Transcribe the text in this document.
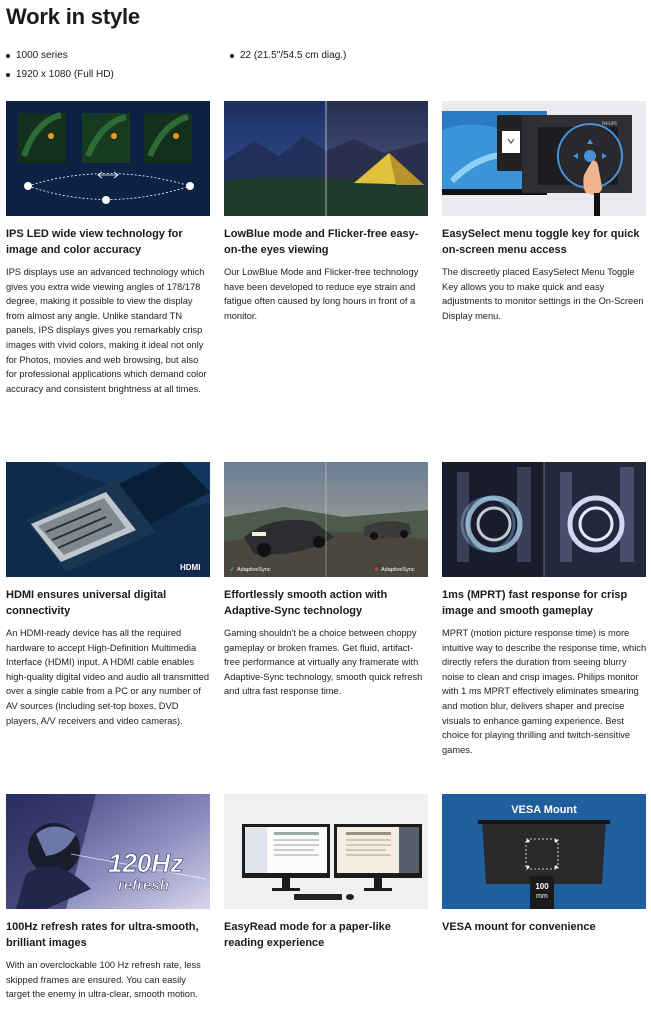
Work in style
1000 series	22 (21.5"/54.5 cm diag.)
1920 x 1080 (Full HD)
IPS LED wide view technology for image and color accuracy

IPS displays use an advanced technology which gives you extra wide viewing angles of 178/178 degree, making it possible to view the display from almost any angle. Unlike standard TN panels, IPS displays gives you remarkably crisp images with vivid colors, making it ideal not only for Photos, movies and web browsing, but also for professional applications which demand color accuracy and consistent brightness at all times.

LowBlue mode and Flicker-free easy-on-the eyes viewing

Our LowBlue Mode and Flicker-free technology have been developed to reduce eye strain and fatigue often caused by long hours in front of a monitor.

PHILIPS
EasySelect menu toggle key for quick on-screen menu access

The discreetly placed EasySelect Menu Toggle Key allows you to make quick and easy adjustments to monitor settings in the On-Screen Display menu.

HDMI
HDMI ensures universal digital connectivity

An HDMI-ready device has all the required hardware to accept High-Definition Multimedia Interface (HDMI) input. A HDMI cable enables high-quality digital video and audio all transmitted over a single cable from a PC or any number of AV sources (including set-top boxes, DVD players, A/V receivers and video cameras).

✔ AdaptiveSync	✖ AdaptiveSync
Effortlessly smooth action with Adaptive-Sync technology

Gaming shouldn't be a choice between choppy gameplay or broken frames. Get fluid, artifact-free performance at virtually any framerate with Adaptive-Sync technology, smooth quick refresh and ultra fast response time.

1ms (MPRT) fast response for crisp image and smooth gameplay

MPRT (motion picture response time) is more intuitive way to describe the response time, which directly refers the duration from seeing blurry noise to clean and crisp images. Philips monitor with 1 ms MPRT effectively eliminates smearing and motion blur, delivers shaper and precise visuals to enhance gaming experience. Best choice for playing thrilling and twitch-sensitive games.

120Hz
refresh
100Hz refresh rates for ultra-smooth, brilliant images

With an overclockable 100 Hz refresh rate, less skipped frames are ensured. You can easily target the enemy in ultra-clear, smooth motion.

EasyRead mode for a paper-like reading experience
VESA Mount
100
mm
VESA mount for convenience
